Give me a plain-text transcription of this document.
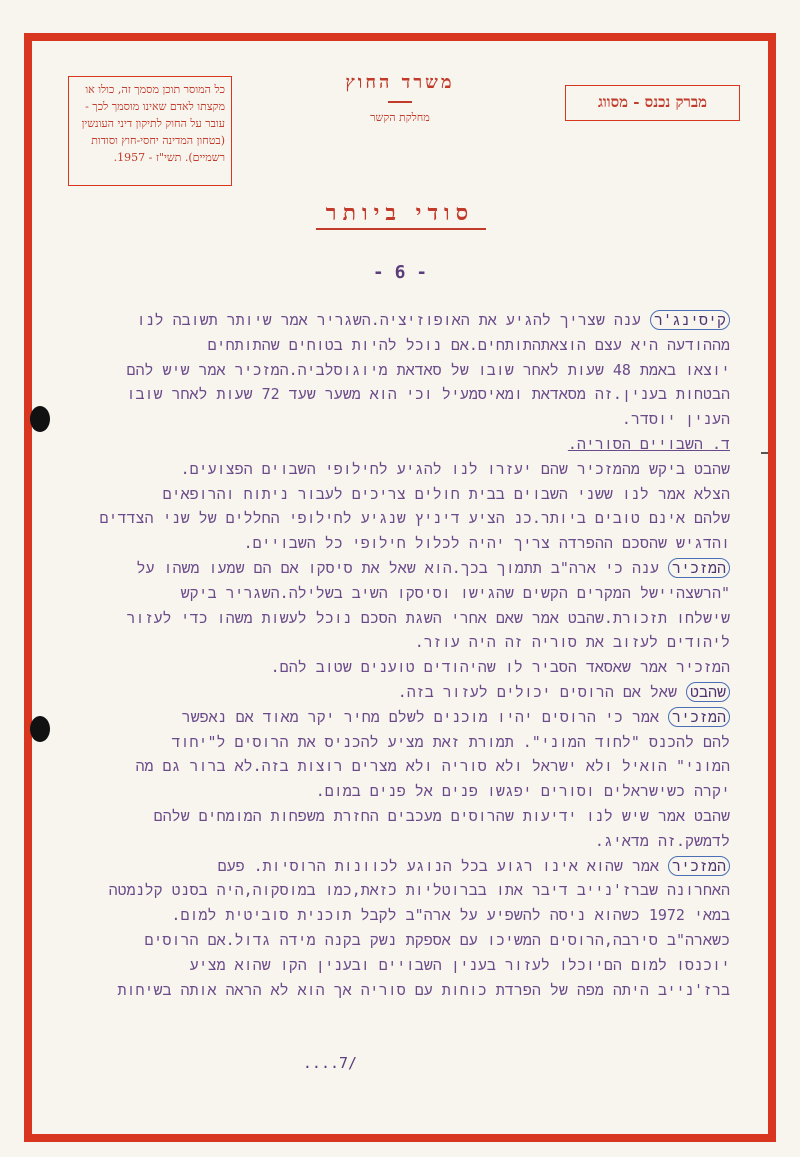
כל המוסר תוכן מסמך זה, כולו או מקצתו לאדם שאינו מוסמך לכך - עובר על החוק לתיקון דיני העונשין (בטחון המדינה יחסי-חוץ וסודות רשמיים). תשי"ז - 1957.
משרד החוץ
מחלקת הקשר
מברק נכנס - מסווג
סודי ביותר
- 6 -
קיסינג'ר ענה שצריך להגיע את האופוזיציה.השגריר אמר שיותר תשובה לנו
מההודעה היא עצם הוצאתהתותחים.אם נוכל להיות בטוחים שהתותחים
יוצאו באמת 48 שעות לאחר שובו של סאדאת מיוגוסלביה.המזכיר אמר שיש להם
הבטחות בענין.זה מסאדאת ומאיסמעיל וכי הוא משער שעד 72 שעות לאחר שובו
הענין יוסדר.
ד. השבויים הסוריה.
שהבט ביקש מהמזכיר שהם יעזרו לנו להגיע לחילופי השבוים הפצועים.
הצלא אמר לנו ששני השבוים בבית חולים צריכים לעבור ניתוח והרופאים
שלהם אינם טובים ביותר.כנ הציע דיניץ שנגיע לחילופי החללים של שני הצדדים
והדגיש שהסכם ההפרדה צריך יהיה לכלול חילופי כל השבויים.
המזכיר ענה כי ארה"ב תתמוך בכך.הוא שאל את סיסקו אם הם שמעו משהו על
"הרשצהיישל המקרים הקשים שהגישו וסיסקו השיב בשלילה.השגריר ביקש
שישלחו תזכורת.שהבט אמר שאם אחרי השגת הסכם נוכל לעשות משהו כדי לעזור
ליהודים לעזוב את סוריה זה היה עוזר.
המזכיר אמר שאסאד הסביר לו שהיהודים טוענים שטוב להם.
שהבט שאל אם הרוסים יכולים לעזור בזה.
המזכיר אמר כי הרוסים יהיו מוכנים לשלם מחיר יקר מאוד אם נאפשר
להם להכנס "לחוד המוני". תמורת זאת מציע להכניס את הרוסים ל"יחוד
המוני" הואיל ולא ישראל ולא סוריה ולא מצרים רוצות בזה.לא ברור גם מה
יקרה כשישראלים וסורים יפגשו פנים אל פנים במום.
שהבט אמר שיש לנו ידיעות שהרוסים מעכבים החזרת משפחות המומחים שלהם
לדמשק.זה מדאיג.
המזכיר אמר שהוא אינו רגוע בכל הנוגע לכוונות הרוסיות. פעם
האחרונה שברז'נייב דיבר אתו בברוטליות כזאת,כמו במוסקוה,היה בסנט קלנמטה
במאי 1972 כשהוא ניסה להשפיע על ארה"ב לקבל תוכנית סוביטית למום.
כשארה"ב סירבה,הרוסים המשיכו עם אספקת נשק בקנה מידה גדול.אם הרוסים
יוכנסו למום הםיוכלו לעזור בענין השבויים ובענין הקו שהוא מציע
ברז'נייב היתה מפה של הפרדת כוחות עם סוריה אך הוא לא הראה אותה בשיחות
....7/
